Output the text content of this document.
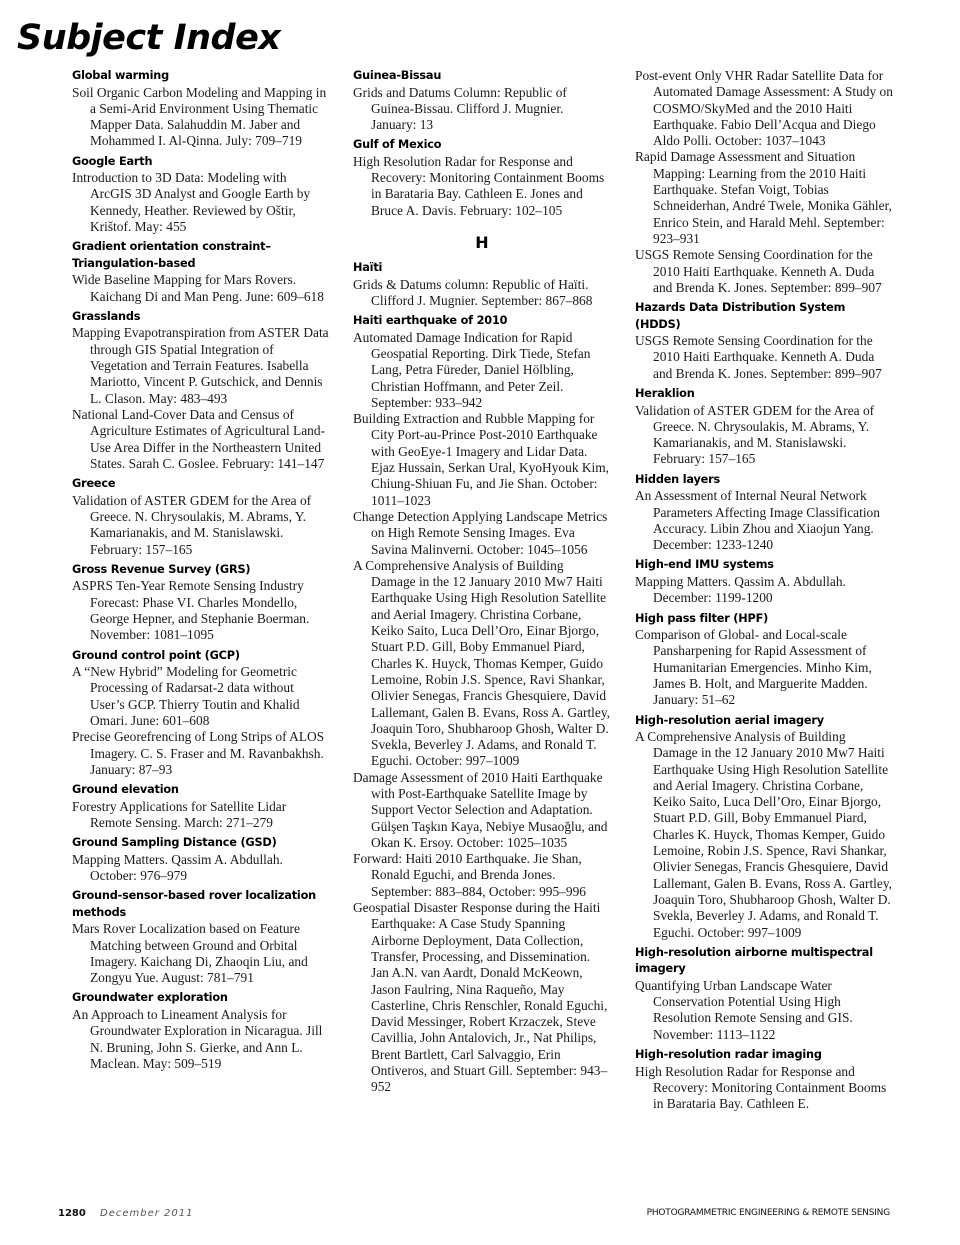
Subject Index
Global warming
Soil Organic Carbon Modeling and Mapping in a Semi-Arid Environment Using Thematic Mapper Data. Salahuddin M. Jaber and Mohammed I. Al-Qinna. July: 709–719
Google Earth
Introduction to 3D Data: Modeling with ArcGIS 3D Analyst and Google Earth by Kennedy, Heather. Reviewed by Oštir, Krištof. May: 455
Gradient orientation constraint–Triangulation-based
Wide Baseline Mapping for Mars Rovers. Kaichang Di and Man Peng. June: 609–618
Grasslands
Mapping Evapotranspiration from ASTER Data through GIS Spatial Integration of Vegetation and Terrain Features. Isabella Mariotto, Vincent P. Gutschick, and Dennis L. Clason. May: 483–493
National Land-Cover Data and Census of Agriculture Estimates of Agricultural Land-Use Area Differ in the Northeastern United States. Sarah C. Goslee. February: 141–147
Greece
Validation of ASTER GDEM for the Area of Greece. N. Chrysoulakis, M. Abrams, Y. Kamarianakis, and M. Stanislawski. February: 157–165
Gross Revenue Survey (GRS)
ASPRS Ten-Year Remote Sensing Industry Forecast: Phase VI. Charles Mondello, George Hepner, and Stephanie Boerman. November: 1081–1095
Ground control point (GCP)
A “New Hybrid” Modeling for Geometric Processing of Radarsat-2 data without User’s GCP. Thierry Toutin and Khalid Omari. June: 601–608
Precise Georefrencing of Long Strips of ALOS Imagery. C. S. Fraser and M. Ravanbakhsh. January: 87–93
Ground elevation
Forestry Applications for Satellite Lidar Remote Sensing. March: 271–279
Ground Sampling Distance (GSD)
Mapping Matters. Qassim A. Abdullah. October: 976–979
Ground-sensor-based rover localization methods
Mars Rover Localization based on Feature Matching between Ground and Orbital Imagery. Kaichang Di, Zhaoqin Liu, and Zongyu Yue. August: 781–791
Groundwater exploration
An Approach to Lineament Analysis for Groundwater Exploration in Nicaragua. Jill N. Bruning, John S. Gierke, and Ann L. Maclean. May: 509–519
Guinea-Bissau
Grids and Datums Column: Republic of Guinea-Bissau. Clifford J. Mugnier. January: 13
Gulf of Mexico
High Resolution Radar for Response and Recovery: Monitoring Containment Booms in Barataria Bay. Cathleen E. Jones and Bruce A. Davis. February: 102–105
H
Haïti
Grids & Datums column: Republic of Haïti. Clifford J. Mugnier. September: 867–868
Haiti earthquake of 2010
Automated Damage Indication for Rapid Geospatial Reporting. Dirk Tiede, Stefan Lang, Petra Füreder, Daniel Hölbling, Christian Hoffmann, and Peter Zeil. September: 933–942
Building Extraction and Rubble Mapping for City Port-au-Prince Post-2010 Earthquake with GeoEye-1 Imagery and Lidar Data. Ejaz Hussain, Serkan Ural, KyoHyouk Kim, Chiung-Shiuan Fu, and Jie Shan. October: 1011–1023
Change Detection Applying Landscape Metrics on High Remote Sensing Images. Eva Savina Malinverni. October: 1045–1056
A Comprehensive Analysis of Building Damage in the 12 January 2010 Mw7 Haiti Earthquake Using High Resolution Satellite and Aerial Imagery. Christina Corbane, Keiko Saito, Luca Dell’Oro, Einar Bjorgo, Stuart P.D. Gill, Boby Emmanuel Piard, Charles K. Huyck, Thomas Kemper, Guido Lemoine, Robin J.S. Spence, Ravi Shankar, Olivier Senegas, Francis Ghesquiere, David Lallemant, Galen B. Evans, Ross A. Gartley, Joaquin Toro, Shubharoop Ghosh, Walter D. Svekla, Beverley J. Adams, and Ronald T. Eguchi. October: 997–1009
Damage Assessment of 2010 Haiti Earthquake with Post-Earthquake Satellite Image by Support Vector Selection and Adaptation. Gülşen Taşkın Kaya, Nebiye Musaoğlu, and Okan K. Ersoy. October: 1025–1035
Forward: Haiti 2010 Earthquake. Jie Shan, Ronald Eguchi, and Brenda Jones. September: 883–884, October: 995–996
Geospatial Disaster Response during the Haiti Earthquake: A Case Study Spanning Airborne Deployment, Data Collection, Transfer, Processing, and Dissemination. Jan A.N. van Aardt, Donald McKeown, Jason Faulring, Nina Raqueño, May Casterline, Chris Renschler, Ronald Eguchi, David Messinger, Robert Krzaczek, Steve Cavillia, John Antalovich, Jr., Nat Philips, Brent Bartlett, Carl Salvaggio, Erin Ontiveros, and Stuart Gill. September: 943–952
Post-event Only VHR Radar Satellite Data for Automated Damage Assessment: A Study on COSMO/SkyMed and the 2010 Haiti Earthquake. Fabio Dell’Acqua and Diego Aldo Polli. October: 1037–1043
Rapid Damage Assessment and Situation Mapping: Learning from the 2010 Haiti Earthquake. Stefan Voigt, Tobias Schneiderhan, André Twele, Monika Gähler, Enrico Stein, and Harald Mehl. September: 923–931
USGS Remote Sensing Coordination for the 2010 Haiti Earthquake. Kenneth A. Duda and Brenda K. Jones. September: 899–907
Hazards Data Distribution System (HDDS)
USGS Remote Sensing Coordination for the 2010 Haiti Earthquake. Kenneth A. Duda and Brenda K. Jones. September: 899–907
Heraklion
Validation of ASTER GDEM for the Area of Greece. N. Chrysoulakis, M. Abrams, Y. Kamarianakis, and M. Stanislawski. February: 157–165
Hidden layers
An Assessment of Internal Neural Network Parameters Affecting Image Classification Accuracy. Libin Zhou and Xiaojun Yang. December: 1233-1240
High-end IMU systems
Mapping Matters. Qassim A. Abdullah. December: 1199-1200
High pass filter (HPF)
Comparison of Global- and Local-scale Pansharpening for Rapid Assessment of Humanitarian Emergencies. Minho Kim, James B. Holt, and Marguerite Madden. January: 51–62
High-resolution aerial imagery
A Comprehensive Analysis of Building Damage in the 12 January 2010 Mw7 Haiti Earthquake Using High Resolution Satellite and Aerial Imagery. Christina Corbane, Keiko Saito, Luca Dell’Oro, Einar Bjorgo, Stuart P.D. Gill, Boby Emmanuel Piard, Charles K. Huyck, Thomas Kemper, Guido Lemoine, Robin J.S. Spence, Ravi Shankar, Olivier Senegas, Francis Ghesquiere, David Lallemant, Galen B. Evans, Ross A. Gartley, Joaquin Toro, Shubharoop Ghosh, Walter D. Svekla, Beverley J. Adams, and Ronald T. Eguchi. October: 997–1009
High-resolution airborne multispectral imagery
Quantifying Urban Landscape Water Conservation Potential Using High Resolution Remote Sensing and GIS. November: 1113–1122
High-resolution radar imaging
High Resolution Radar for Response and Recovery: Monitoring Containment Booms in Barataria Bay. Cathleen E.
1280 December 2011	PHOTOGRAMMETRIC ENGINEERING & REMOTE SENSING
